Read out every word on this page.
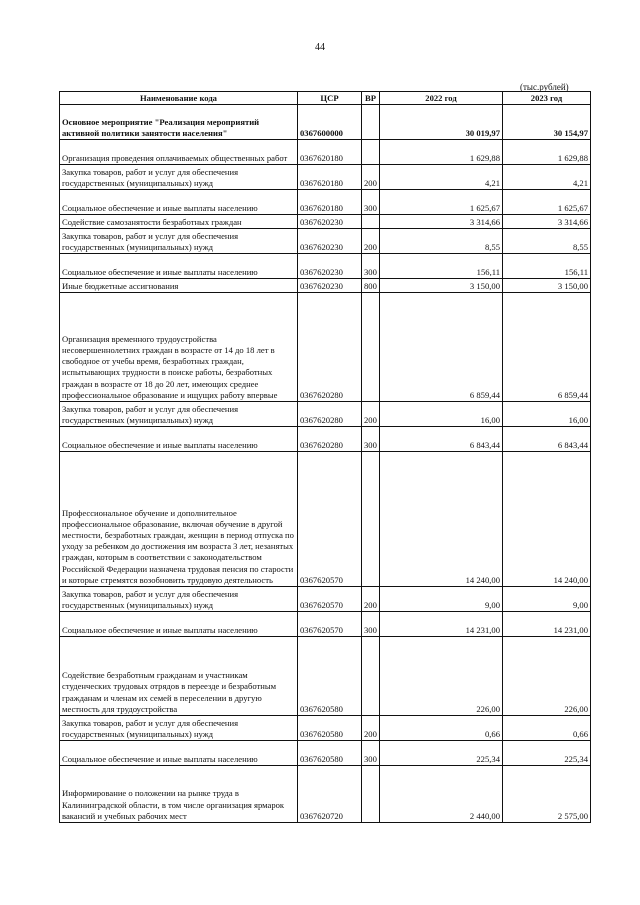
44
(тыс.рублей)
Наименование кода	ЦСР	ВР	2022 год	2023 год
Основное мероприятие "Реализация мероприятий активной политики занятости населения"	0367600000		30 019,97	30 154,97
Организация проведения оплачиваемых общественных работ	0367620180		1 629,88	1 629,88
Закупка товаров, работ и услуг для обеспечения государственных (муниципальных) нужд	0367620180	200	4,21	4,21
Социальное обеспечение и иные выплаты населению	0367620180	300	1 625,67	1 625,67
Содействие самозанятости безработных граждан	0367620230		3 314,66	3 314,66
Закупка товаров, работ и услуг для обеспечения государственных (муниципальных) нужд	0367620230	200	8,55	8,55
Социальное обеспечение и иные выплаты населению	0367620230	300	156,11	156,11
Иные бюджетные ассигнования	0367620230	800	3 150,00	3 150,00
Организация временного трудоустройства несовершеннолетних граждан в возрасте от 14 до 18 лет в свободное от учебы время, безработных граждан, испытывающих трудности в поиске работы, безработных граждан в возрасте от 18 до 20 лет, имеющих среднее профессиональное образование и ищущих работу впервые	0367620280		6 859,44	6 859,44
Закупка товаров, работ и услуг для обеспечения государственных (муниципальных) нужд	0367620280	200	16,00	16,00
Социальное обеспечение и иные выплаты населению	0367620280	300	6 843,44	6 843,44
Профессиональное обучение и дополнительное профессиональное образование, включая обучение в другой местности, безработных граждан, женщин в период отпуска по уходу за ребенком до достижения им возраста 3 лет, незанятых граждан, которым в соответствии с законодательством Российской Федерации назначена трудовая пенсия по старости и которые стремятся возобновить трудовую деятельность	0367620570		14 240,00	14 240,00
Закупка товаров, работ и услуг для обеспечения государственных (муниципальных) нужд	0367620570	200	9,00	9,00
Социальное обеспечение и иные выплаты населению	0367620570	300	14 231,00	14 231,00
Содействие безработным гражданам и участникам студенческих трудовых отрядов в переезде и безработным гражданам и членам их семей в переселении в другую местность для трудоустройства	0367620580		226,00	226,00
Закупка товаров, работ и услуг для обеспечения государственных (муниципальных) нужд	0367620580	200	0,66	0,66
Социальное обеспечение и иные выплаты населению	0367620580	300	225,34	225,34
Информирование о положении на рынке труда в Калининградской области, в том числе организация ярмарок вакансий и учебных рабочих мест	0367620720		2 440,00	2 575,00
